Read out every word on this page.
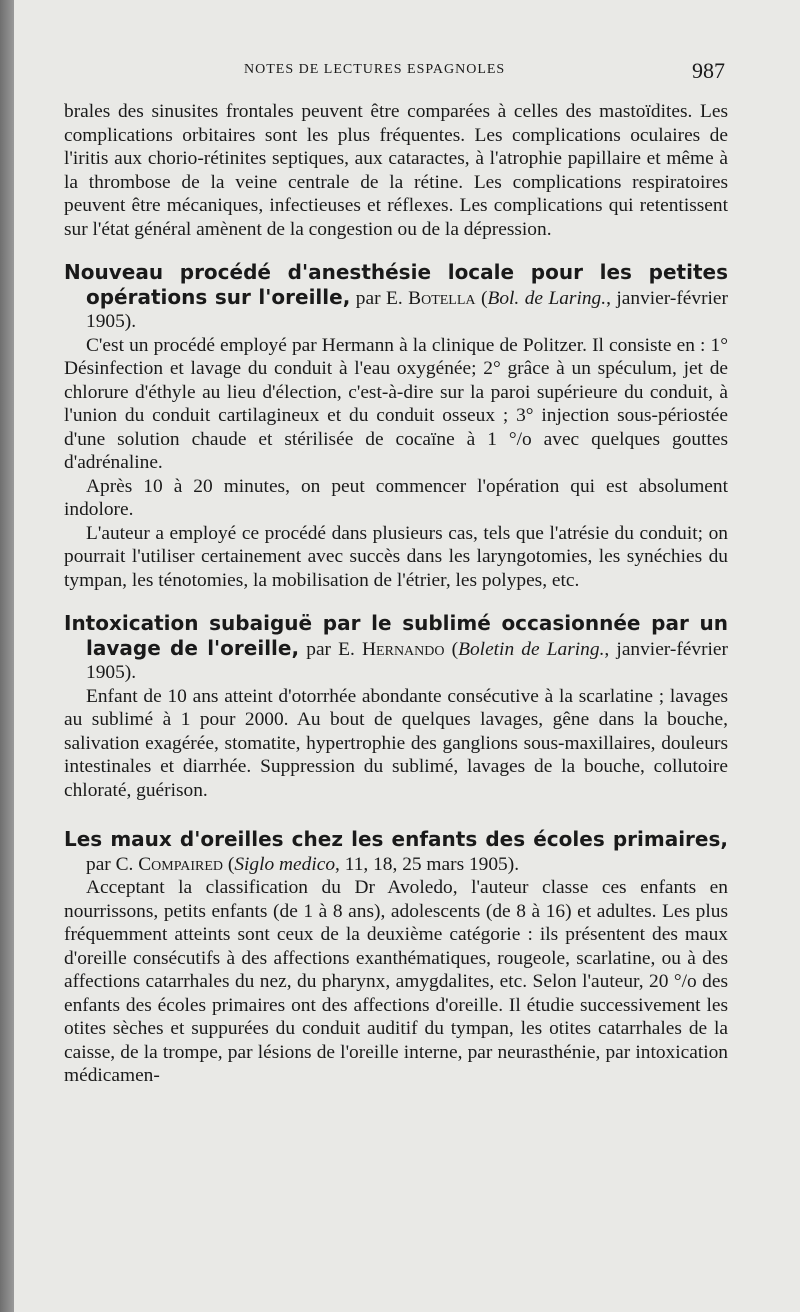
NOTES DE LECTURES ESPAGNOLES	987

brales des sinusites frontales peuvent être comparées à celles des mastoïdites. Les complications orbitaires sont les plus fréquentes. Les complications oculaires de l'iritis aux chorio-rétinites septiques, aux cataractes, à l'atrophie papillaire et même à la thrombose de la veine centrale de la rétine. Les complications respiratoires peuvent être mécaniques, infectieuses et réflexes. Les complications qui retentissent sur l'état général amènent de la congestion ou de la dépression.

Nouveau procédé d'anesthésie locale pour les petites opérations sur l'oreille, par E. Botella (Bol. de Laring., janvier-février 1905).

C'est un procédé employé par Hermann à la clinique de Politzer. Il consiste en : 1° Désinfection et lavage du conduit à l'eau oxygénée; 2° grâce à un spéculum, jet de chlorure d'éthyle au lieu d'élection, c'est-à-dire sur la paroi supérieure du conduit, à l'union du conduit cartilagineux et du conduit osseux ; 3° injection sous-périostée d'une solution chaude et stérilisée de cocaïne à 1 °/o avec quelques gouttes d'adrénaline.

Après 10 à 20 minutes, on peut commencer l'opération qui est absolument indolore.

L'auteur a employé ce procédé dans plusieurs cas, tels que l'atrésie du conduit; on pourrait l'utiliser certainement avec succès dans les laryngotomies, les synéchies du tympan, les ténotomies, la mobilisation de l'étrier, les polypes, etc.

Intoxication subaiguë par le sublimé occasionnée par un lavage de l'oreille, par E. Hernando (Boletin de Laring., janvier-février 1905).

Enfant de 10 ans atteint d'otorrhée abondante consécutive à la scarlatine ; lavages au sublimé à 1 pour 2000. Au bout de quelques lavages, gêne dans la bouche, salivation exagérée, stomatite, hypertrophie des ganglions sous-maxillaires, douleurs intestinales et diarrhée. Suppression du sublimé, lavages de la bouche, collutoire chloraté, guérison.

Les maux d'oreilles chez les enfants des écoles primaires, par C. Compaired (Siglo medico, 11, 18, 25 mars 1905).

Acceptant la classification du Dr Avoledo, l'auteur classe ces enfants en nourrissons, petits enfants (de 1 à 8 ans), adolescents (de 8 à 16) et adultes. Les plus fréquemment atteints sont ceux de la deuxième catégorie : ils présentent des maux d'oreille consécutifs à des affections exanthématiques, rougeole, scarlatine, ou à des affections catarrhales du nez, du pharynx, amygdalites, etc. Selon l'auteur, 20 °/o des enfants des écoles primaires ont des affections d'oreille. Il étudie successivement les otites sèches et suppurées du conduit auditif du tympan, les otites catarrhales de la caisse, de la trompe, par lésions de l'oreille interne, par neurasthénie, par intoxication médicamen-
